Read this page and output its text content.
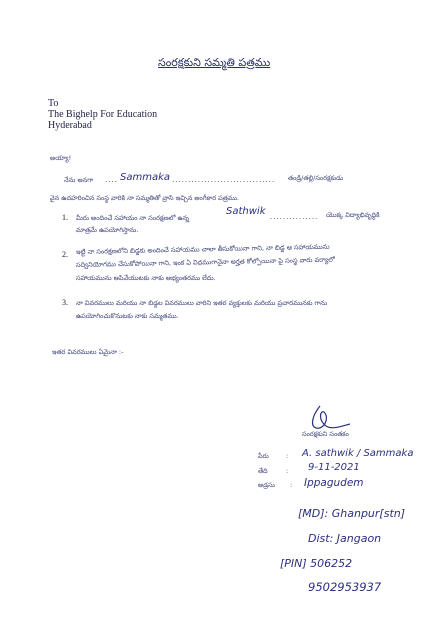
సంరక్షకుని సమ్మతి పత్రము
To
The Bighelp For Education
Hyderabad
అయ్యా!
నేను అనగా .... Sammaka ................................ తండ్రి/తల్లి/సంరక్షకుడు
వైన ఉదహరించిన సంస్థ వారికి నా సమ్మతితో వ్రాసి ఇచ్చిన అంగీకార పత్రము.
1. మీరు అందించే సహాయం నా సంరక్షణలో ఉన్న
Sathwik ............... యొక్క విద్యాభివృద్ధికి
మాత్రమే ఉపయోగిస్తాను.
2. ఇట్టి నా సంరక్షణలోని బిడ్డకు అందించే సహాయము చాలా తీసుకోయినా గాని, నా బిడ్డ ఆ సహాయమును
సద్వినియోగము చేసుకోపోయినా గాని, ఇంక ఏ విధముగానైనా అర్హత కోల్పోయినా పై సంస్థ వారు వర్యాలో
సహాయమును ఆపివేయుటకు నాకు అభ్యంతరము లేదు.
3. నా వివరములు మరియు నా బిడ్డల వివరములు వారిని ఇతర వ్యక్తులకు మరియు ప్రచారమునకు గాను
ఉపయోగించుకొనుటకు నాకు సమ్మతము.
ఇతర వివరములు ఏమైనా :-
సంరక్షకుని సంతకం
పేరు	: A. sathwik / Sammaka
తేది	: 9-11-2021
అడ్రసు : Ippagudem
[MD]: Ghanpur[stn]
Dist: Jangaon
[PIN] 506252
9502953937
